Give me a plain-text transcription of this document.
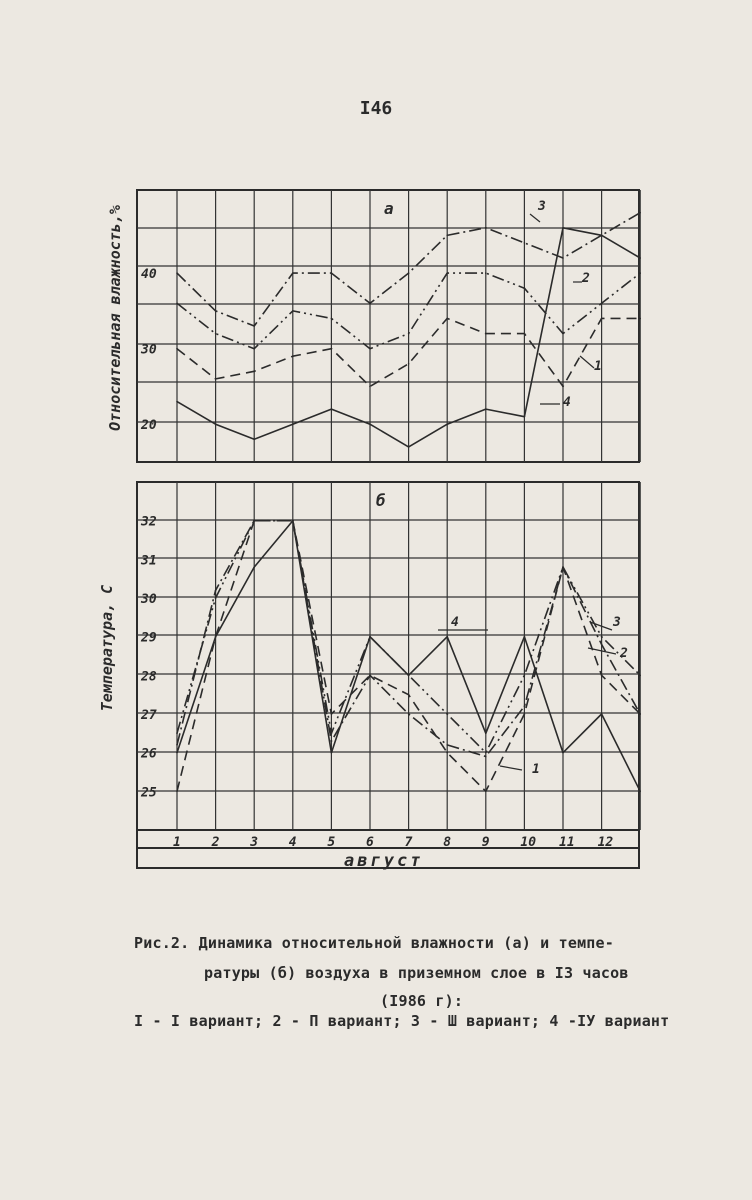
I46
20
30
40
Относительная влажность,%	а	3
2
1
4
25
26
27
28
29
30
31
32
Температура, С
б
4
1
3
2
1 2 3 4 5 6 7 8 9 10 11 12
август
Рис.2. Динамика относительной влажности (а) и темпе-
ратуры (б) воздуха в приземном слое в I3 часов
(I986 г):
I - I вариант; 2 - П вариант; 3 - Ш вариант; 4 -IУ вариант
